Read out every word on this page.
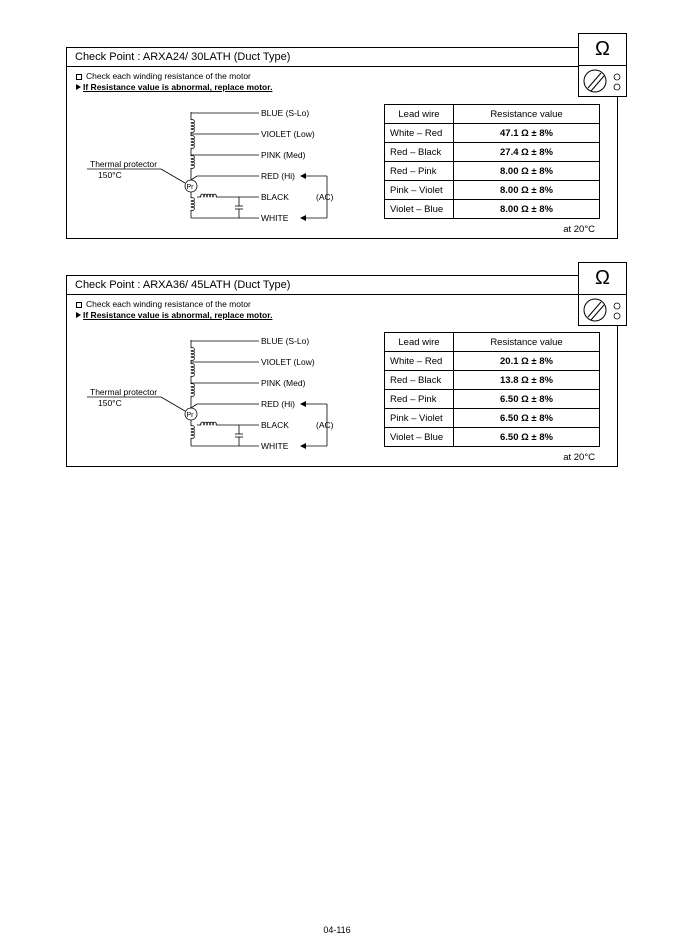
Check Point : ARXA24/ 30LATH (Duct Type)
Check each winding resistance of the motor
If Resistance value is abnormal, replace motor.
BLUE (S-Lo)
VIOLET (Low)
PINK (Med)
RED (Hi)
BLACK
WHITE
(AC)
Thermal protector
150°C
Pr
Lead wire	Resistance value
White – Red	47.1 Ω ± 8%
Red – Black	27.4 Ω ± 8%
Red – Pink	8.00 Ω ± 8%
Pink – Violet	8.00 Ω ± 8%
Violet – Blue	8.00 Ω ± 8%
at 20°C
Ω
Check Point : ARXA36/ 45LATH (Duct Type)
Check each winding resistance of the motor
If Resistance value is abnormal, replace motor.
BLUE (S-Lo)
VIOLET (Low)
PINK (Med)
RED (Hi)
BLACK
WHITE
(AC)
Thermal protector
150°C
Pr
Lead wire	Resistance value
White – Red	20.1 Ω ± 8%
Red – Black	13.8 Ω ± 8%
Red – Pink	6.50 Ω ± 8%
Pink – Violet	6.50 Ω ± 8%
Violet – Blue	6.50 Ω ± 8%
at 20°C
Ω
04-116
